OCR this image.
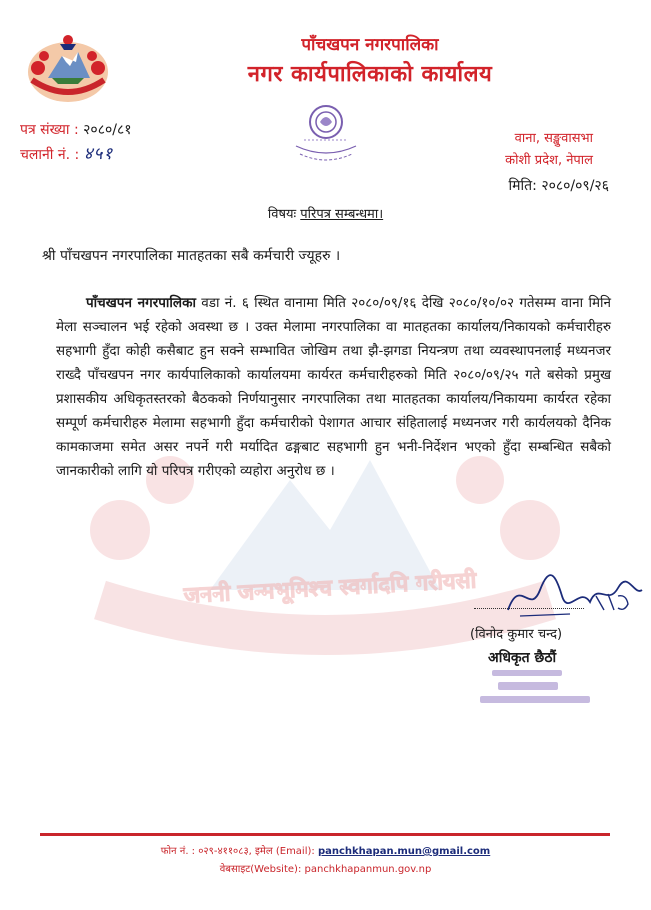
पाँचखपन नगरपालिका
नगर कार्यपालिकाको कार्यालय
पत्र संख्या : २०८०/८१
चलानी नं. : ४५१
वाना, सङ्खुवासभा
कोशी प्रदेश, नेपाल
मिति: २०८०/०९/२६
विषयः परिपत्र सम्बन्धमा।
जननी जन्मभूमिश्च स्वर्गादपि गरीयसी
श्री पाँचखपन नगरपालिका मातहतका सबै कर्मचारी ज्यूहरु ।
पाँचखपन नगरपालिका वडा नं. ६ स्थित वानामा मिति २०८०/०९/१६ देखि २०८०/१०/०२ गतेसम्म वाना मिनि मेला सञ्चालन भई रहेको अवस्था छ । उक्त मेलामा नगरपालिका वा मातहतका कार्यालय/निकायको कर्मचारीहरु सहभागी हुँदा कोही कसैबाट हुन सक्ने सम्भावित जोखिम तथा झै-झगडा नियन्त्रण तथा व्यवस्थापनलाई मध्यनजर राख्दै पाँचखपन नगर कार्यपालिकाको कार्यालयमा कार्यरत कर्मचारीहरुको मिति २०८०/०९/२५ गते बसेको प्रमुख प्रशासकीय अधिकृतस्तरको बैठकको निर्णयानुसार नगरपालिका तथा मातहतका कार्यालय/निकायमा कार्यरत रहेका सम्पूर्ण कर्मचारीहरु मेलामा सहभागी हुँदा कर्मचारीको पेशागत आचार संहितालाई मध्यनजर गरी कार्यलयको दैनिक कामकाजमा समेत असर नपर्ने गरी मर्यादित ढङ्गबाट सहभागी हुन भनी-निर्देशन भएको हुँदा सम्बन्धित सबैको जानकारीको लागि यो परिपत्र गरीएको व्यहोरा अनुरोध छ ।
(विनोद कुमार चन्द)
अधिकृत छैठौं
फोन नं. : ०२९-४११०८३, इमेल (Email): panchkhapan.mun@gmail.com
वेबसाइट(Website): panchkhapanmun.gov.np
